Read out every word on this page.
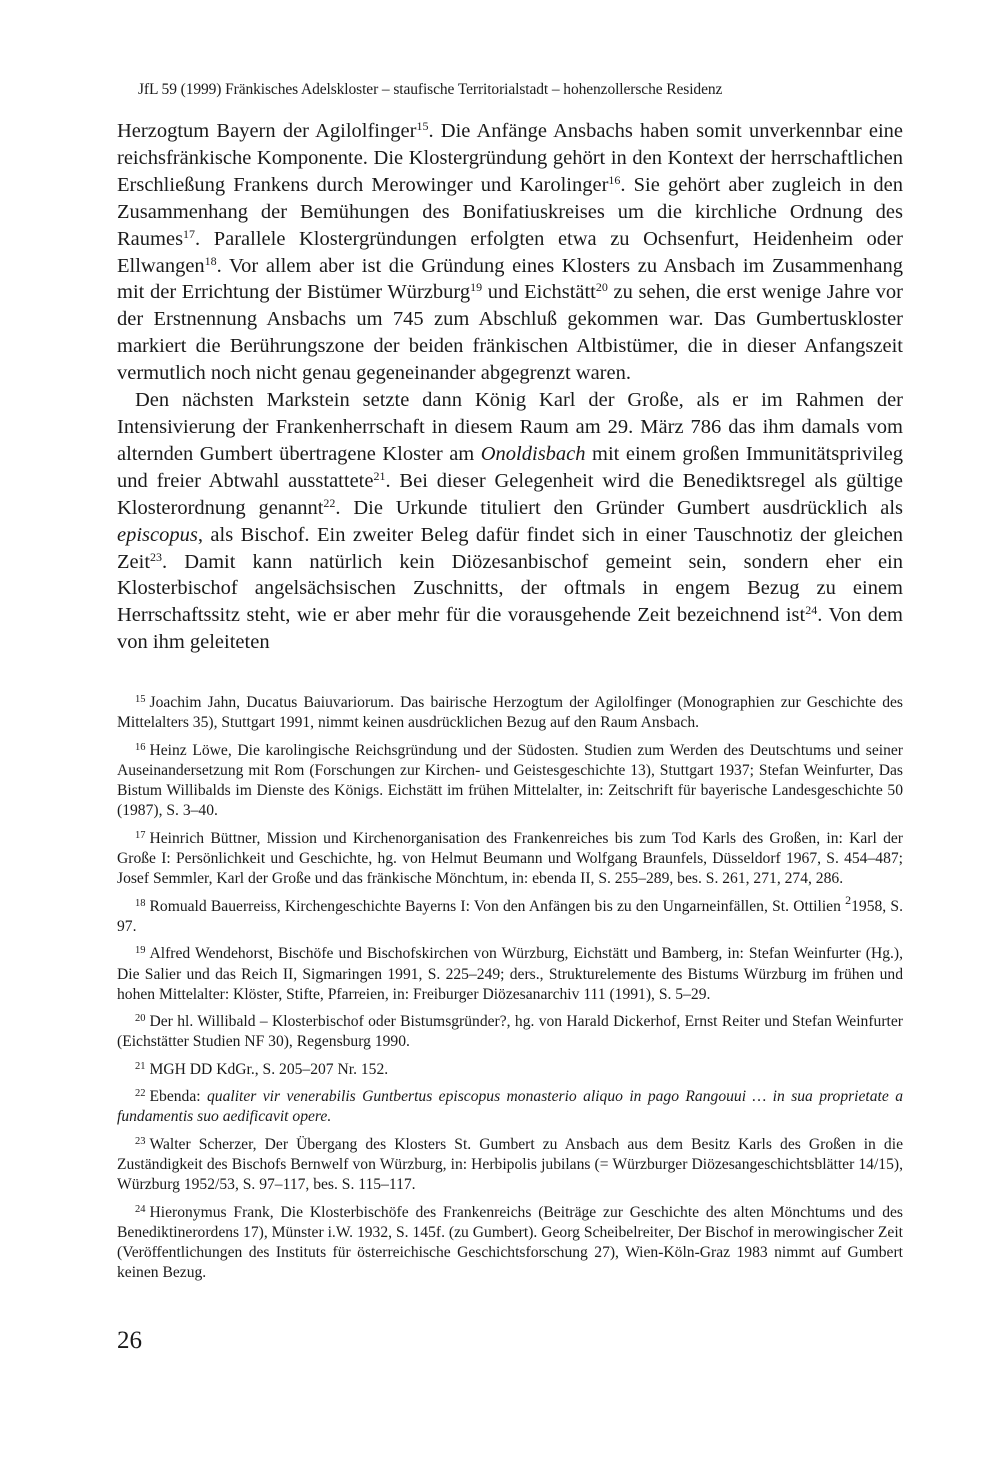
JfL 59 (1999) Fränkisches Adelskloster – staufische Territorialstadt – hohenzollersche Residenz

Herzogtum Bayern der Agilolfinger$^{15}$. Die Anfänge Ansbachs haben somit unverkennbar eine reichsfränkische Komponente. Die Klostergründung gehört in den Kontext der herrschaftlichen Erschließung Frankens durch Merowinger und Karolinger$^{16}$. Sie gehört aber zugleich in den Zusammenhang der Bemühungen des Bonifatiuskreises um die kirchliche Ordnung des Raumes$^{17}$. Parallele Klostergründungen erfolgten etwa zu Ochsenfurt, Heidenheim oder Ellwangen$^{18}$. Vor allem aber ist die Gründung eines Klosters zu Ansbach im Zusammenhang mit der Errichtung der Bistümer Würzburg$^{19}$ und Eichstätt$^{20}$ zu sehen, die erst wenige Jahre vor der Erstnennung Ansbachs um 745 zum Abschluß gekommen war. Das Gumbertuskloster markiert die Berührungszone der beiden fränkischen Altbistümer, die in dieser Anfangszeit vermutlich noch nicht genau gegeneinander abgegrenzt waren.

Den nächsten Markstein setzte dann König Karl der Große, als er im Rahmen der Intensivierung der Frankenherrschaft in diesem Raum am 29. März 786 das ihm damals vom alternden Gumbert übertragene Kloster am Onoldisbach mit einem großen Immunitätsprivileg und freier Abtwahl ausstattete$^{21}$. Bei dieser Gelegenheit wird die Benediktsregel als gültige Klosterordnung genannt$^{22}$. Die Urkunde tituliert den Gründer Gumbert ausdrücklich als episcopus, als Bischof. Ein zweiter Beleg dafür findet sich in einer Tauschnotiz der gleichen Zeit$^{23}$. Damit kann natürlich kein Diözesanbischof gemeint sein, sondern eher ein Klosterbischof angelsächsischen Zuschnitts, der oftmals in engem Bezug zu einem Herrschaftssitz steht, wie er aber mehr für die vorausgehende Zeit bezeichnend ist$^{24}$. Von dem von ihm geleiteten

$^{15}$ Joachim Jahn, Ducatus Baiuvariorum. Das bairische Herzogtum der Agilolfinger (Monographien zur Geschichte des Mittelalters 35), Stuttgart 1991, nimmt keinen ausdrücklichen Bezug auf den Raum Ansbach.

$^{16}$ Heinz Löwe, Die karolingische Reichsgründung und der Südosten. Studien zum Werden des Deutschtums und seiner Auseinandersetzung mit Rom (Forschungen zur Kirchen- und Geistesgeschichte 13), Stuttgart 1937; Stefan Weinfurter, Das Bistum Willibalds im Dienste des Königs. Eichstätt im frühen Mittelalter, in: Zeitschrift für bayerische Landesgeschichte 50 (1987), S. 3–40.

$^{17}$ Heinrich Büttner, Mission und Kirchenorganisation des Frankenreiches bis zum Tod Karls des Großen, in: Karl der Große I: Persönlichkeit und Geschichte, hg. von Helmut Beumann und Wolfgang Braunfels, Düsseldorf 1967, S. 454–487; Josef Semmler, Karl der Große und das fränkische Mönchtum, in: ebenda II, S. 255–289, bes. S. 261, 271, 274, 286.

$^{18}$ Romuald Bauerreiss, Kirchengeschichte Bayerns I: Von den Anfängen bis zu den Ungarneinfällen, St. Ottilien $^2$1958, S. 97.

$^{19}$ Alfred Wendehorst, Bischöfe und Bischofskirchen von Würzburg, Eichstätt und Bamberg, in: Stefan Weinfurter (Hg.), Die Salier und das Reich II, Sigmaringen 1991, S. 225–249; ders., Strukturelemente des Bistums Würzburg im frühen und hohen Mittelalter: Klöster, Stifte, Pfarreien, in: Freiburger Diözesanarchiv 111 (1991), S. 5–29.

$^{20}$ Der hl. Willibald – Klosterbischof oder Bistumsgründer?, hg. von Harald Dickerhof, Ernst Reiter und Stefan Weinfurter (Eichstätter Studien NF 30), Regensburg 1990.

$^{21}$ MGH DD KdGr., S. 205–207 Nr. 152.

$^{22}$ Ebenda: qualiter vir venerabilis Guntbertus episcopus monasterio aliquo in pago Rangouui … in sua proprietate a fundamentis suo aedificavit opere.

$^{23}$ Walter Scherzer, Der Übergang des Klosters St. Gumbert zu Ansbach aus dem Besitz Karls des Großen in die Zuständigkeit des Bischofs Bernwelf von Würzburg, in: Herbipolis jubilans (= Würzburger Diözesangeschichtsblätter 14/15), Würzburg 1952/53, S. 97–117, bes. S. 115–117.

$^{24}$ Hieronymus Frank, Die Klosterbischöfe des Frankenreichs (Beiträge zur Geschichte des alten Mönchtums und des Benediktinerordens 17), Münster i.W. 1932, S. 145f. (zu Gumbert). Georg Scheibelreiter, Der Bischof in merowingischer Zeit (Veröffentlichungen des Instituts für österreichische Geschichtsforschung 27), Wien-Köln-Graz 1983 nimmt auf Gumbert keinen Bezug.

26
